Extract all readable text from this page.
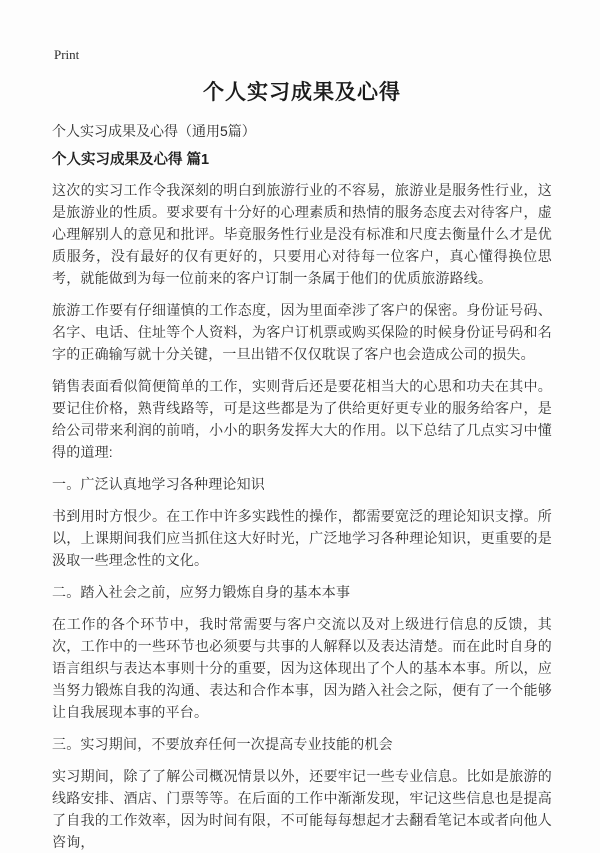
Print
个人实习成果及心得

个人实习成果及心得（通用5篇）

个人实习成果及心得 篇1

这次的实习工作令我深刻的明白到旅游行业的不容易，旅游业是服务性行业，这是旅游业的性质。要求要有十分好的心理素质和热情的服务态度去对待客户，虚心理解别人的意见和批评。毕竟服务性行业是没有标准和尺度去衡量什么才是优质服务，没有最好的仅有更好的，只要用心对待每一位客户，真心懂得换位思考，就能做到为每一位前来的客户订制一条属于他们的优质旅游路线。

旅游工作要有仔细谨慎的工作态度，因为里面牵涉了客户的保密。身份证号码、名字、电话、住址等个人资料，为客户订机票或购买保险的时候身份证号码和名字的正确输写就十分关键，一旦出错不仅仅耽误了客户也会造成公司的损失。

销售表面看似简便简单的工作，实则背后还是要花相当大的心思和功夫在其中。要记住价格，熟背线路等，可是这些都是为了供给更好更专业的服务给客户，是给公司带来利润的前哨，小小的职务发挥大大的作用。以下总结了几点实习中懂得的道理:

一。广泛认真地学习各种理论知识

书到用时方恨少。在工作中许多实践性的操作，都需要宽泛的理论知识支撑。所以，上课期间我们应当抓住这大好时光，广泛地学习各种理论知识，更重要的是汲取一些理念性的文化。

二。踏入社会之前，应努力锻炼自身的基本本事

在工作的各个环节中，我时常需要与客户交流以及对上级进行信息的反馈，其次，工作中的一些环节也必须要与共事的人解释以及表达清楚。而在此时自身的语言组织与表达本事则十分的重要，因为这体现出了个人的基本本事。所以，应当努力锻炼自我的沟通、表达和合作本事，因为踏入社会之际，便有了一个能够让自我展现本事的平台。

三。实习期间，不要放弃任何一次提高专业技能的机会

实习期间，除了了解公司概况情景以外，还要牢记一些专业信息。比如是旅游的线路安排、酒店、门票等等。在后面的工作中渐渐发现，牢记这些信息也是提高了自我的工作效率，因为时间有限，不可能每每想起才去翻看笔记本或者向他人咨询，
